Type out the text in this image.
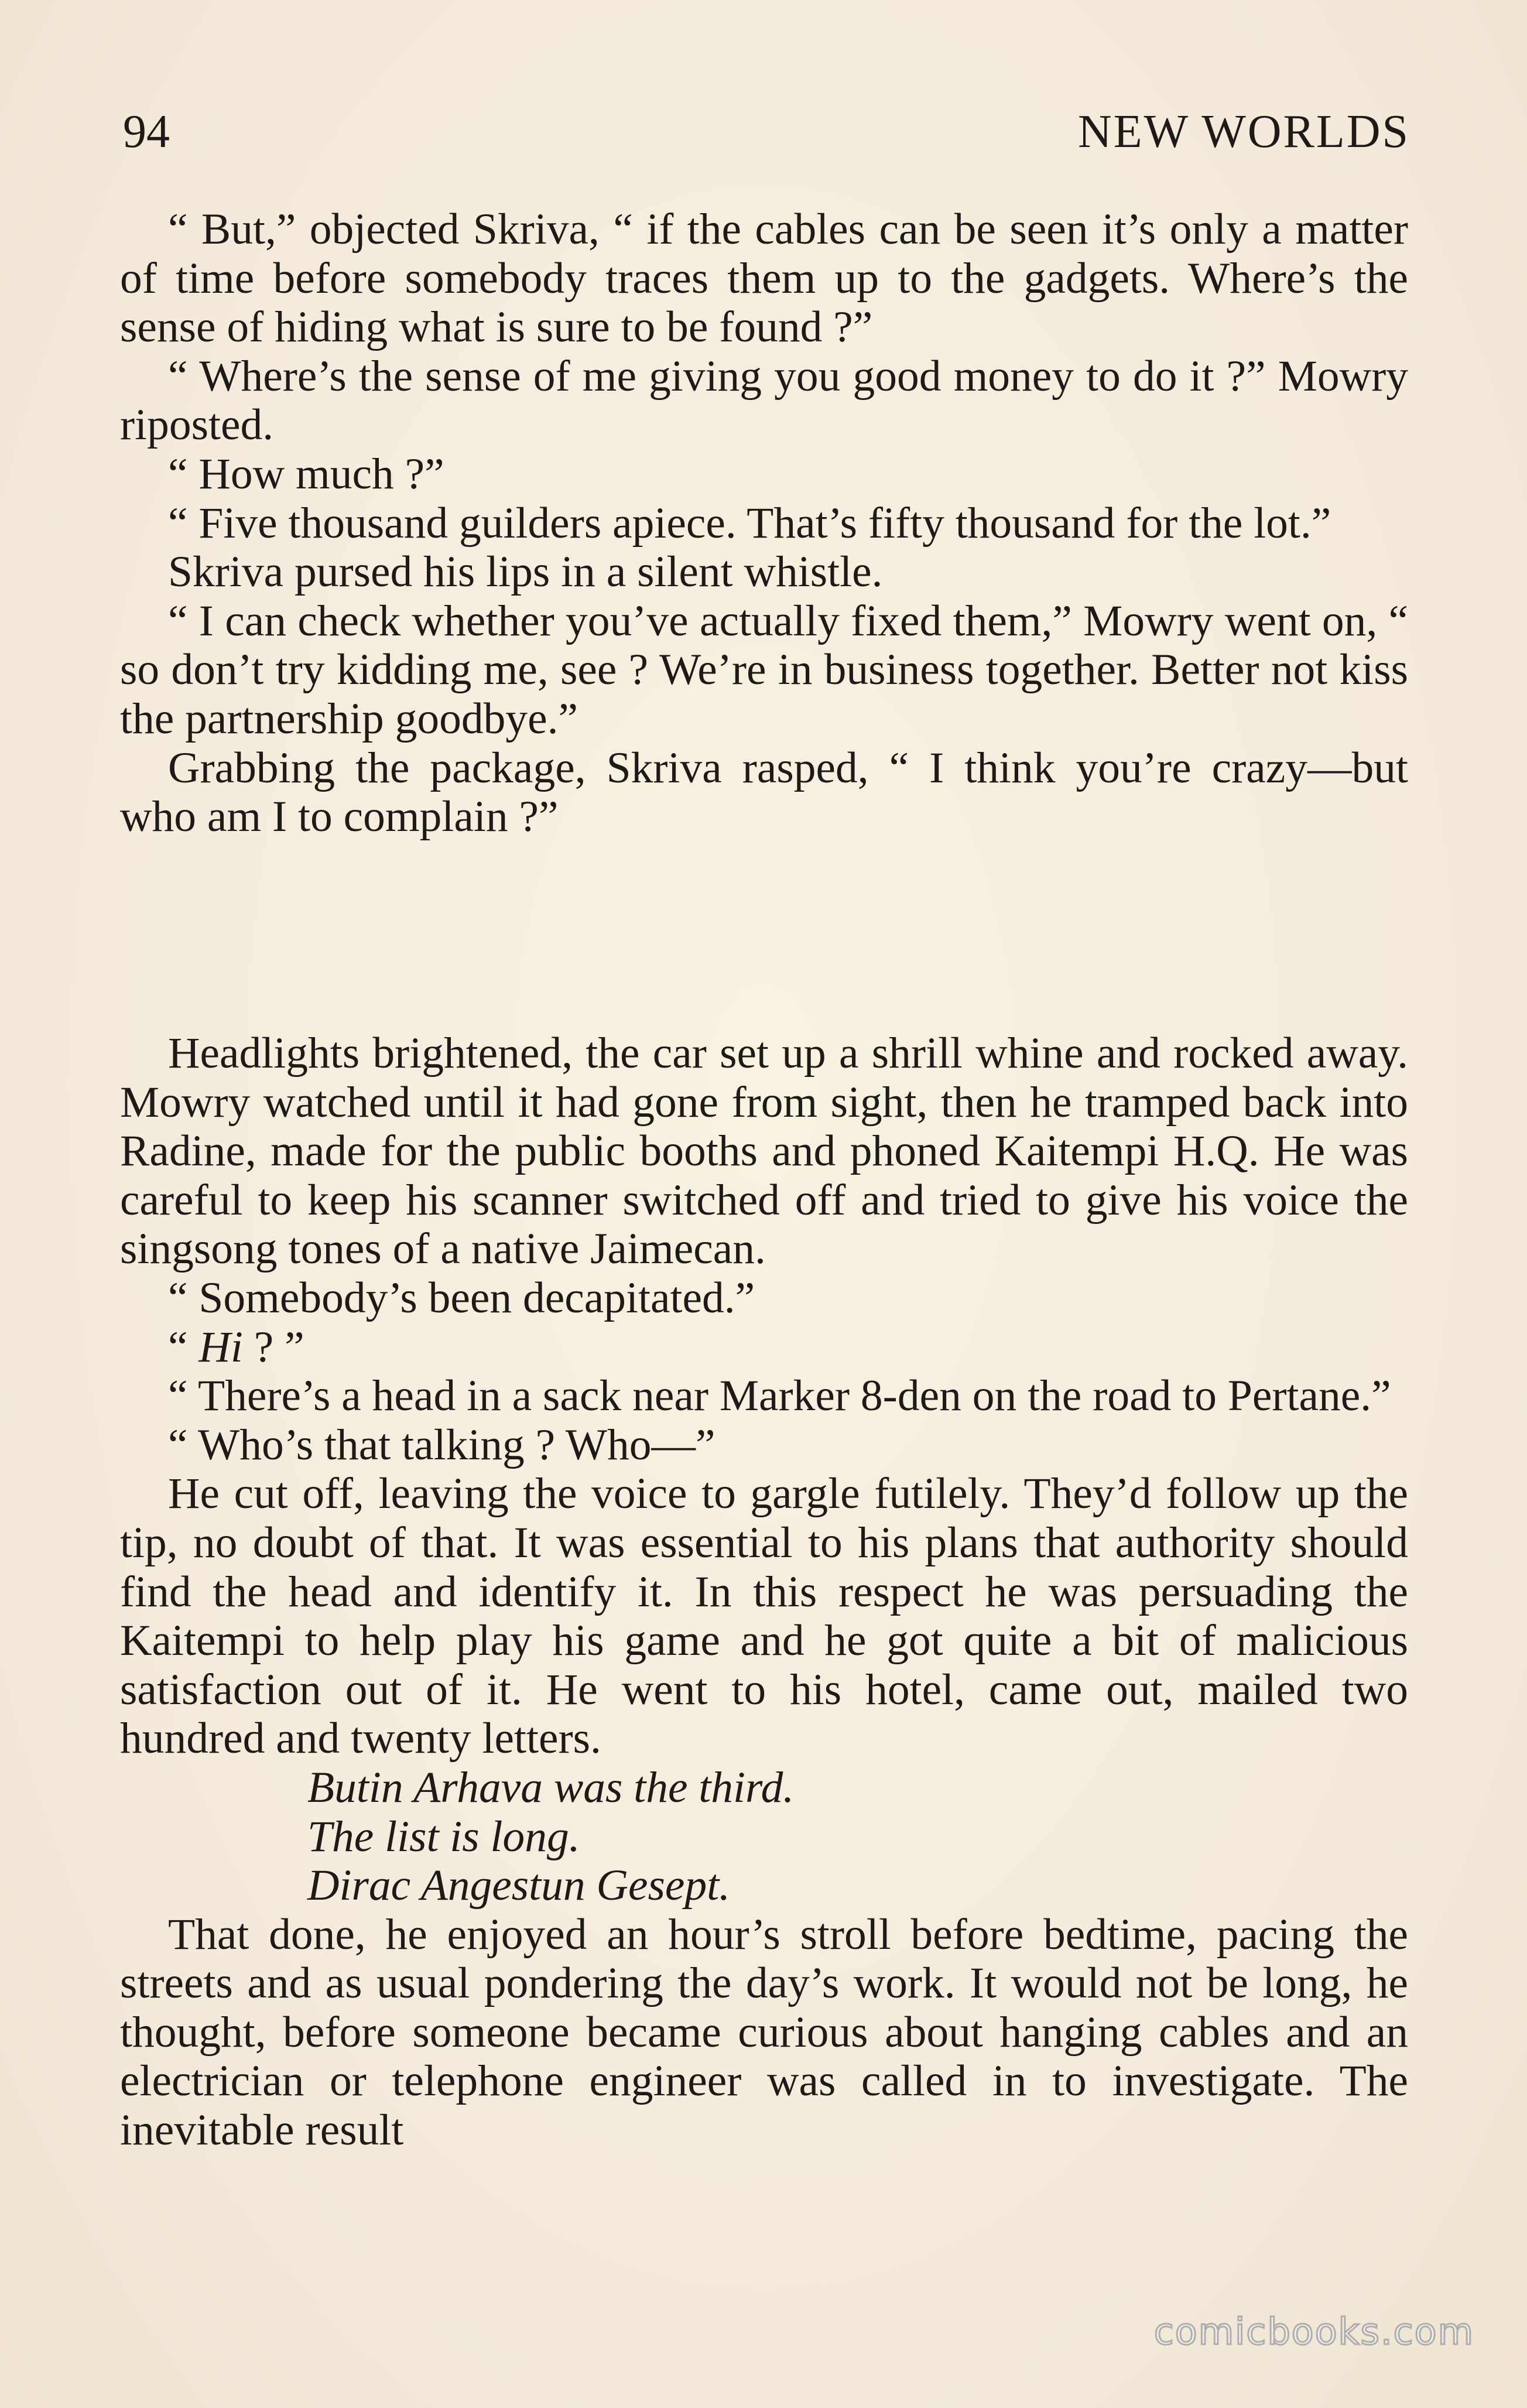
94	NEW WORLDS

“ But,” objected Skriva, “ if the cables can be seen it’s only a matter of time before somebody traces them up to the gadgets. Where’s the sense of hiding what is sure to be found ?”

“ Where’s the sense of me giving you good money to do it ?” Mowry riposted.

“ How much ?”

“ Five thousand guilders apiece. That’s fifty thousand for the lot.”

Skriva pursed his lips in a silent whistle.

“ I can check whether you’ve actually fixed them,” Mowry went on, “ so don’t try kidding me, see ? We’re in business together. Better not kiss the partnership goodbye.”

Grabbing the package, Skriva rasped, “ I think you’re crazy—but who am I to complain ?”

Headlights brightened, the car set up a shrill whine and rocked away. Mowry watched until it had gone from sight, then he tramped back into Radine, made for the public booths and phoned Kaitempi H.Q. He was careful to keep his scanner switched off and tried to give his voice the singsong tones of a native Jaimecan.

“ Somebody’s been decapitated.”

“ Hi ? ”

“ There’s a head in a sack near Marker 8-den on the road to Pertane.”

“ Who’s that talking ? Who—”

He cut off, leaving the voice to gargle futilely. They’d follow up the tip, no doubt of that. It was essential to his plans that authority should find the head and identify it. In this respect he was persuading the Kaitempi to help play his game and he got quite a bit of malicious satisfaction out of it. He went to his hotel, came out, mailed two hundred and twenty letters.

Butin Arhava was the third.

The list is long.

Dirac Angestun Gesept.

That done, he enjoyed an hour’s stroll before bedtime, pacing the streets and as usual pondering the day’s work. It would not be long, he thought, before someone became curious about hanging cables and an electrician or telephone engineer was called in to investigate. The inevitable result

comicbooks.com
